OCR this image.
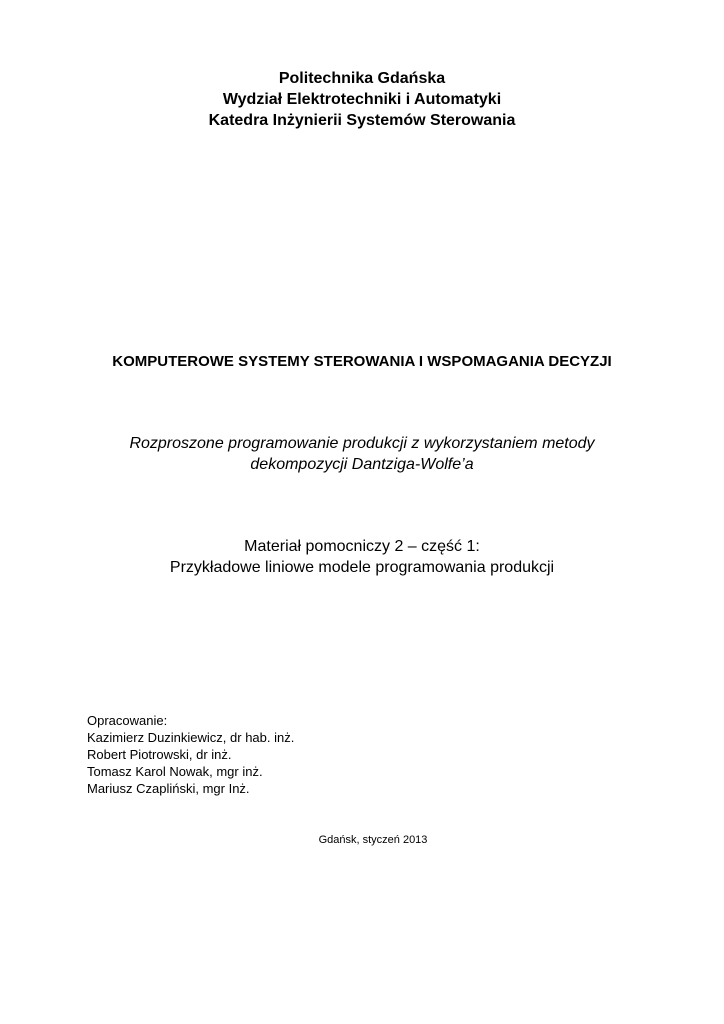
Politechnika Gdańska
Wydział Elektrotechniki i Automatyki
Katedra Inżynierii Systemów Sterowania
KOMPUTEROWE SYSTEMY STEROWANIA I WSPOMAGANIA DECYZJI
Rozproszone programowanie produkcji z wykorzystaniem metody
dekompozycji Dantziga-Wolfe’a
Materiał pomocniczy 2 – część 1:
Przykładowe liniowe modele programowania produkcji
Opracowanie:
Kazimierz Duzinkiewicz, dr hab. inż.
Robert Piotrowski, dr inż.
Tomasz Karol Nowak, mgr inż.
Mariusz Czapliński, mgr Inż.
Gdańsk, styczeń 2013
